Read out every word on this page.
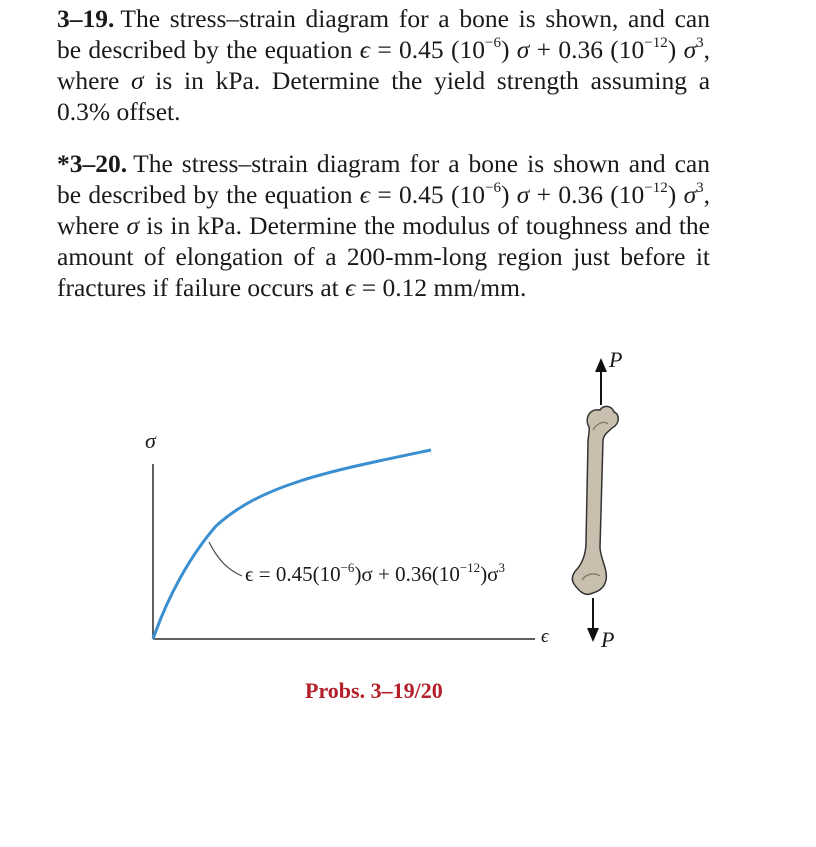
3–19. The stress–strain diagram for a bone is shown, and can be described by the equation ϵ = 0.45 $(10^{-6}) \sigma + 0.36$ $(10^{-12})$ $\sigma^3$, where σ is in kPa. Determine the yield strength assuming a 0.3% offset.
*3–20. The stress–strain diagram for a bone is shown and can be described by the equation ϵ = 0.45 $(10^{-6}) \sigma + 0.36$ $(10^{-12})$ $\sigma^3$, where σ is in kPa. Determine the modulus of toughness and the amount of elongation of a 200-mm-long region just before it fractures if failure occurs at ϵ = 0.12 mm/mm.
σ
ϵ
P
P
$\epsilon = 0.45(10^{-6})\sigma + 0.36(10^{-12})\sigma^3$
Probs. 3–19/20
